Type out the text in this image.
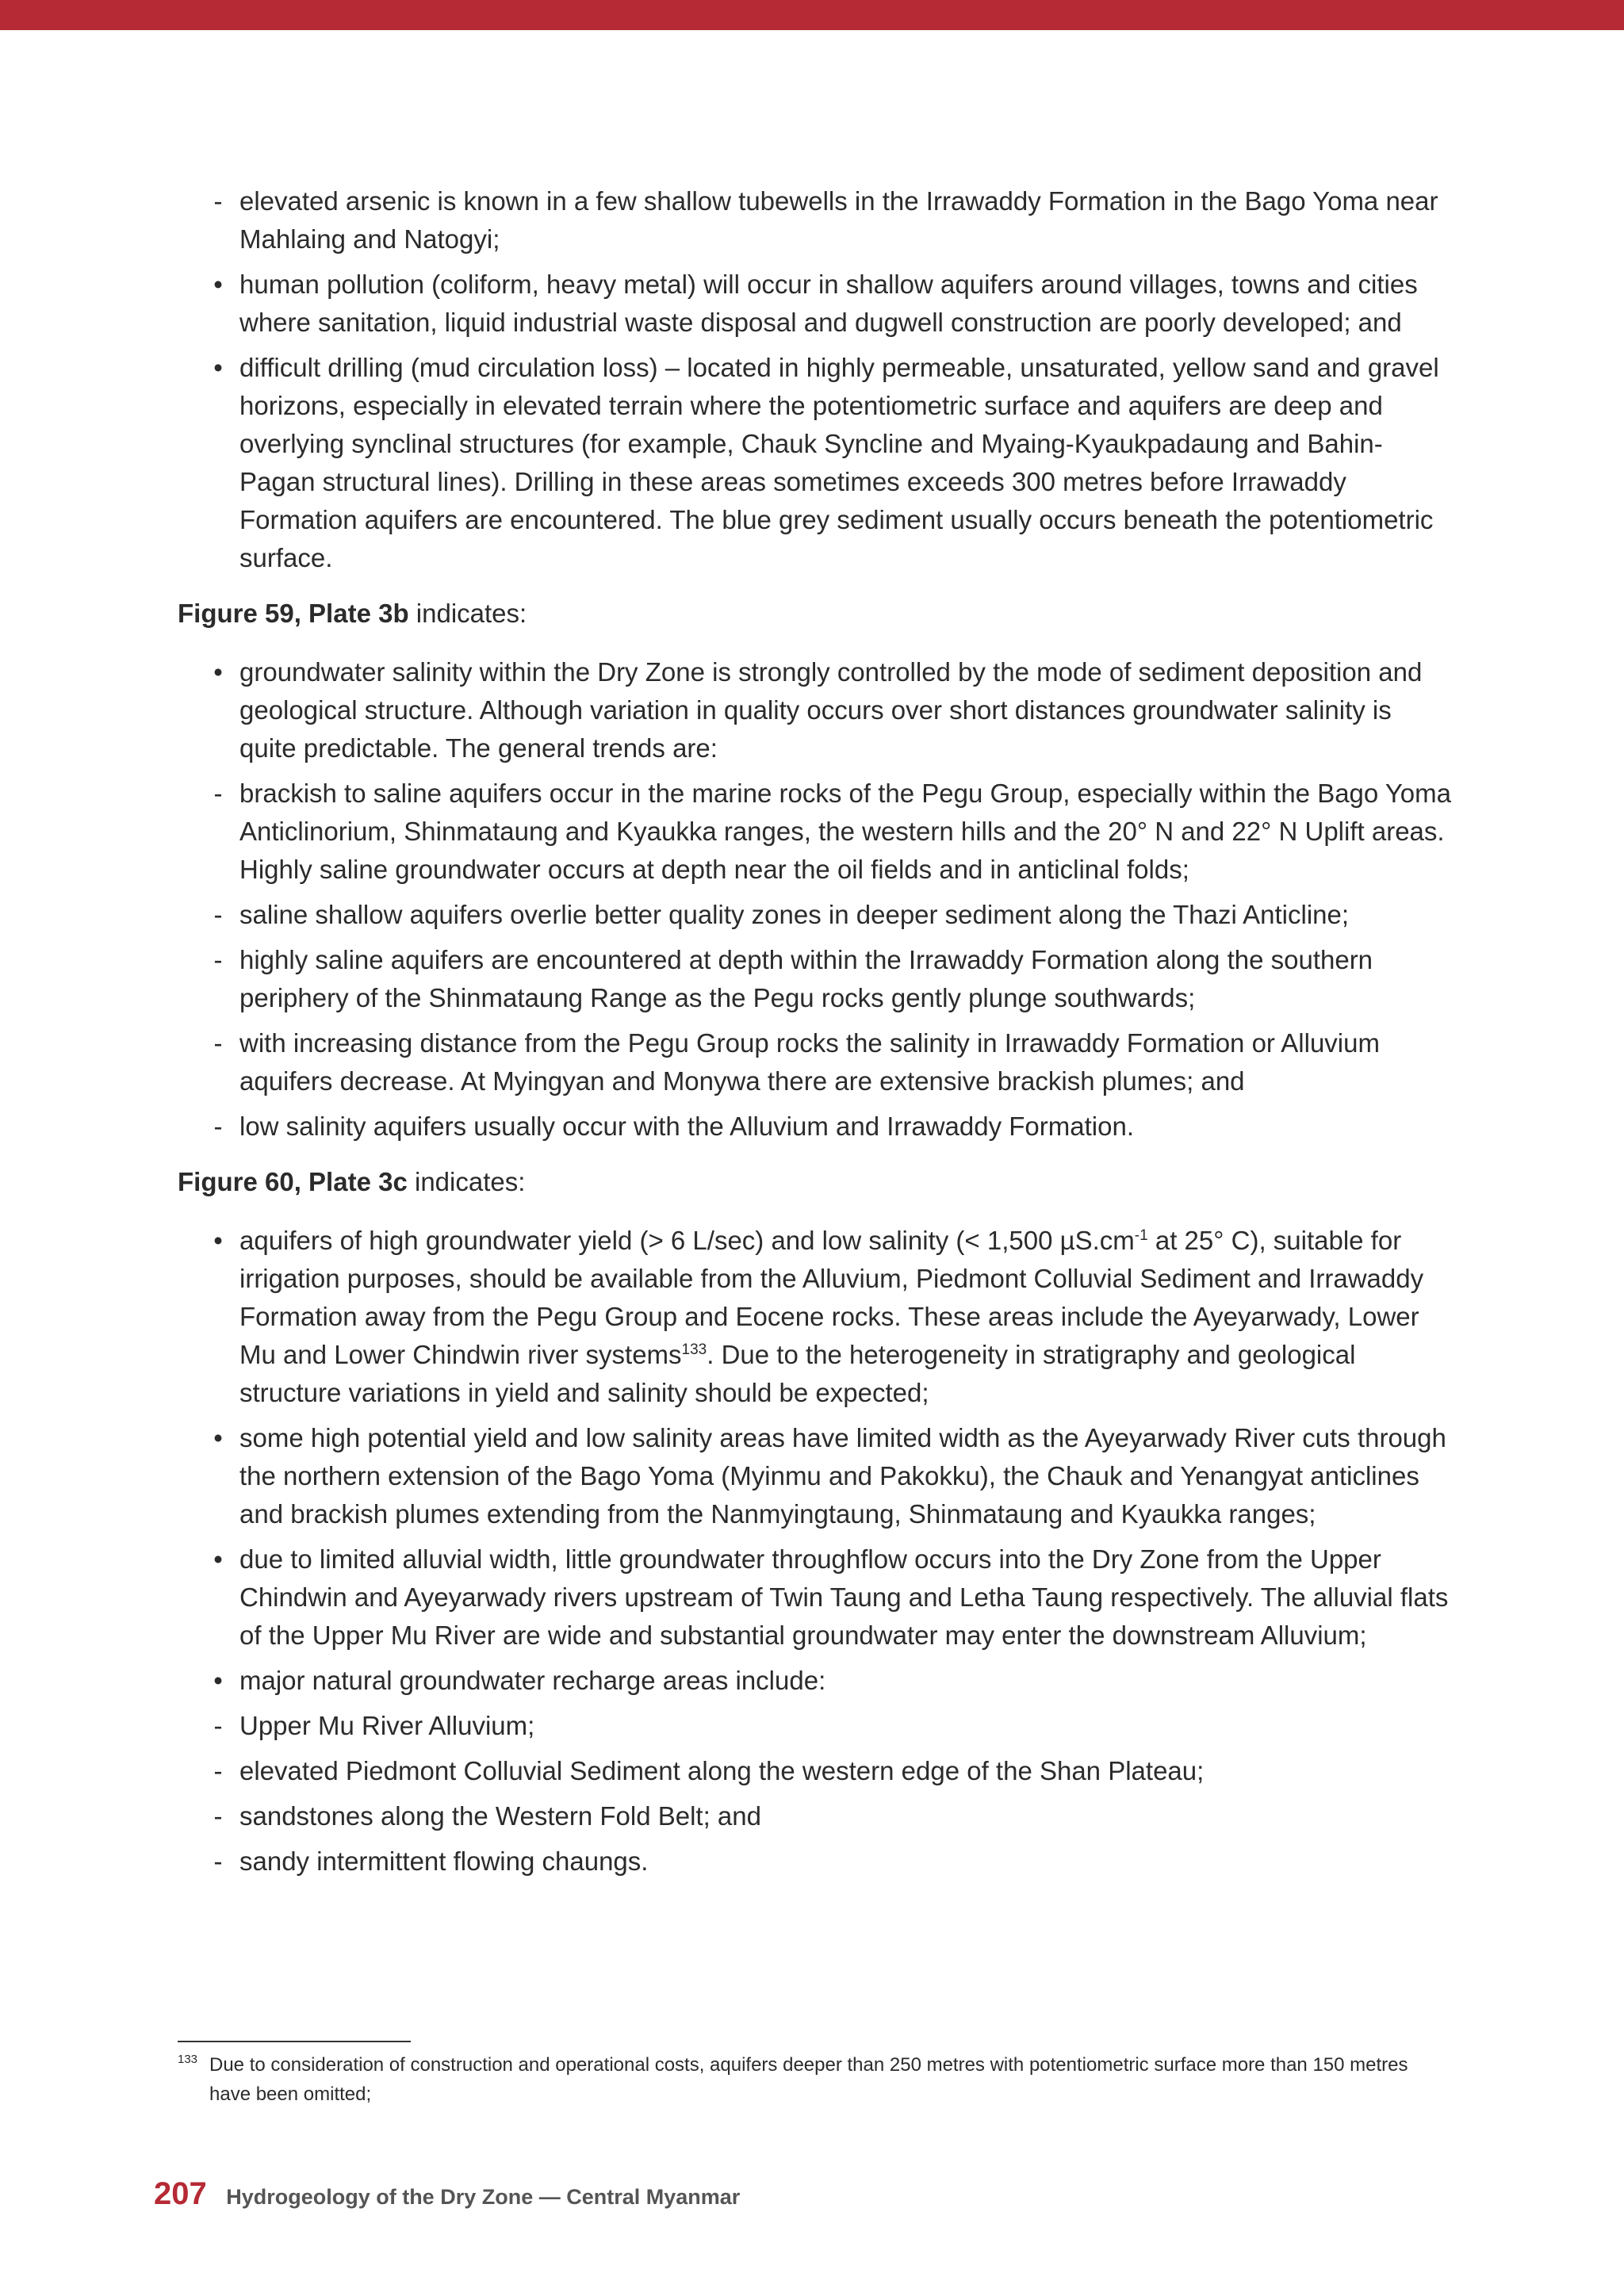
- elevated arsenic is known in a few shallow tubewells in the Irrawaddy Formation in the Bago Yoma near Mahlaing and Natogyi;
• human pollution (coliform, heavy metal) will occur in shallow aquifers around villages, towns and cities where sanitation, liquid industrial waste disposal and dugwell construction are poorly developed; and
• difficult drilling (mud circulation loss) – located in highly permeable, unsaturated, yellow sand and gravel horizons, especially in elevated terrain where the potentiometric surface and aquifers are deep and overlying synclinal structures (for example, Chauk Syncline and Myaing-Kyaukpadaung and Bahin-Pagan structural lines). Drilling in these areas sometimes exceeds 300 metres before Irrawaddy Formation aquifers are encountered. The blue grey sediment usually occurs beneath the potentiometric surface.

Figure 59, Plate 3b indicates:

• groundwater salinity within the Dry Zone is strongly controlled by the mode of sediment deposition and geological structure. Although variation in quality occurs over short distances groundwater salinity is quite predictable. The general trends are:
- brackish to saline aquifers occur in the marine rocks of the Pegu Group, especially within the Bago Yoma Anticlinorium, Shinmataung and Kyaukka ranges, the western hills and the 20° N and 22° N Uplift areas. Highly saline groundwater occurs at depth near the oil fields and in anticlinal folds;
- saline shallow aquifers overlie better quality zones in deeper sediment along the Thazi Anticline;
- highly saline aquifers are encountered at depth within the Irrawaddy Formation along the southern periphery of the Shinmataung Range as the Pegu rocks gently plunge southwards;
- with increasing distance from the Pegu Group rocks the salinity in Irrawaddy Formation or Alluvium aquifers decrease. At Myingyan and Monywa there are extensive brackish plumes; and
- low salinity aquifers usually occur with the Alluvium and Irrawaddy Formation.

Figure 60, Plate 3c indicates:

• aquifers of high groundwater yield (> 6 L/sec) and low salinity (< 1,500 $\mu S.cm^{-1}$ at 25° C), suitable for irrigation purposes, should be available from the Alluvium, Piedmont Colluvial Sediment and Irrawaddy Formation away from the Pegu Group and Eocene rocks. These areas include the Ayeyarwady, Lower Mu and Lower Chindwin river systems$^{133}$. Due to the heterogeneity in stratigraphy and geological structure variations in yield and salinity should be expected;
• some high potential yield and low salinity areas have limited width as the Ayeyarwady River cuts through the northern extension of the Bago Yoma (Myinmu and Pakokku), the Chauk and Yenangyat anticlines and brackish plumes extending from the Nanmyingtaung, Shinmataung and Kyaukka ranges;
• due to limited alluvial width, little groundwater throughflow occurs into the Dry Zone from the Upper Chindwin and Ayeyarwady rivers upstream of Twin Taung and Letha Taung respectively. The alluvial flats of the Upper Mu River are wide and substantial groundwater may enter the downstream Alluvium;
• major natural groundwater recharge areas include:
- Upper Mu River Alluvium;
- elevated Piedmont Colluvial Sediment along the western edge of the Shan Plateau;
- sandstones along the Western Fold Belt; and
- sandy intermittent flowing chaungs.
133 Due to consideration of construction and operational costs, aquifers deeper than 250 metres with potentiometric surface more than 150 metres have been omitted;
207 Hydrogeology of the Dry Zone — Central Myanmar
